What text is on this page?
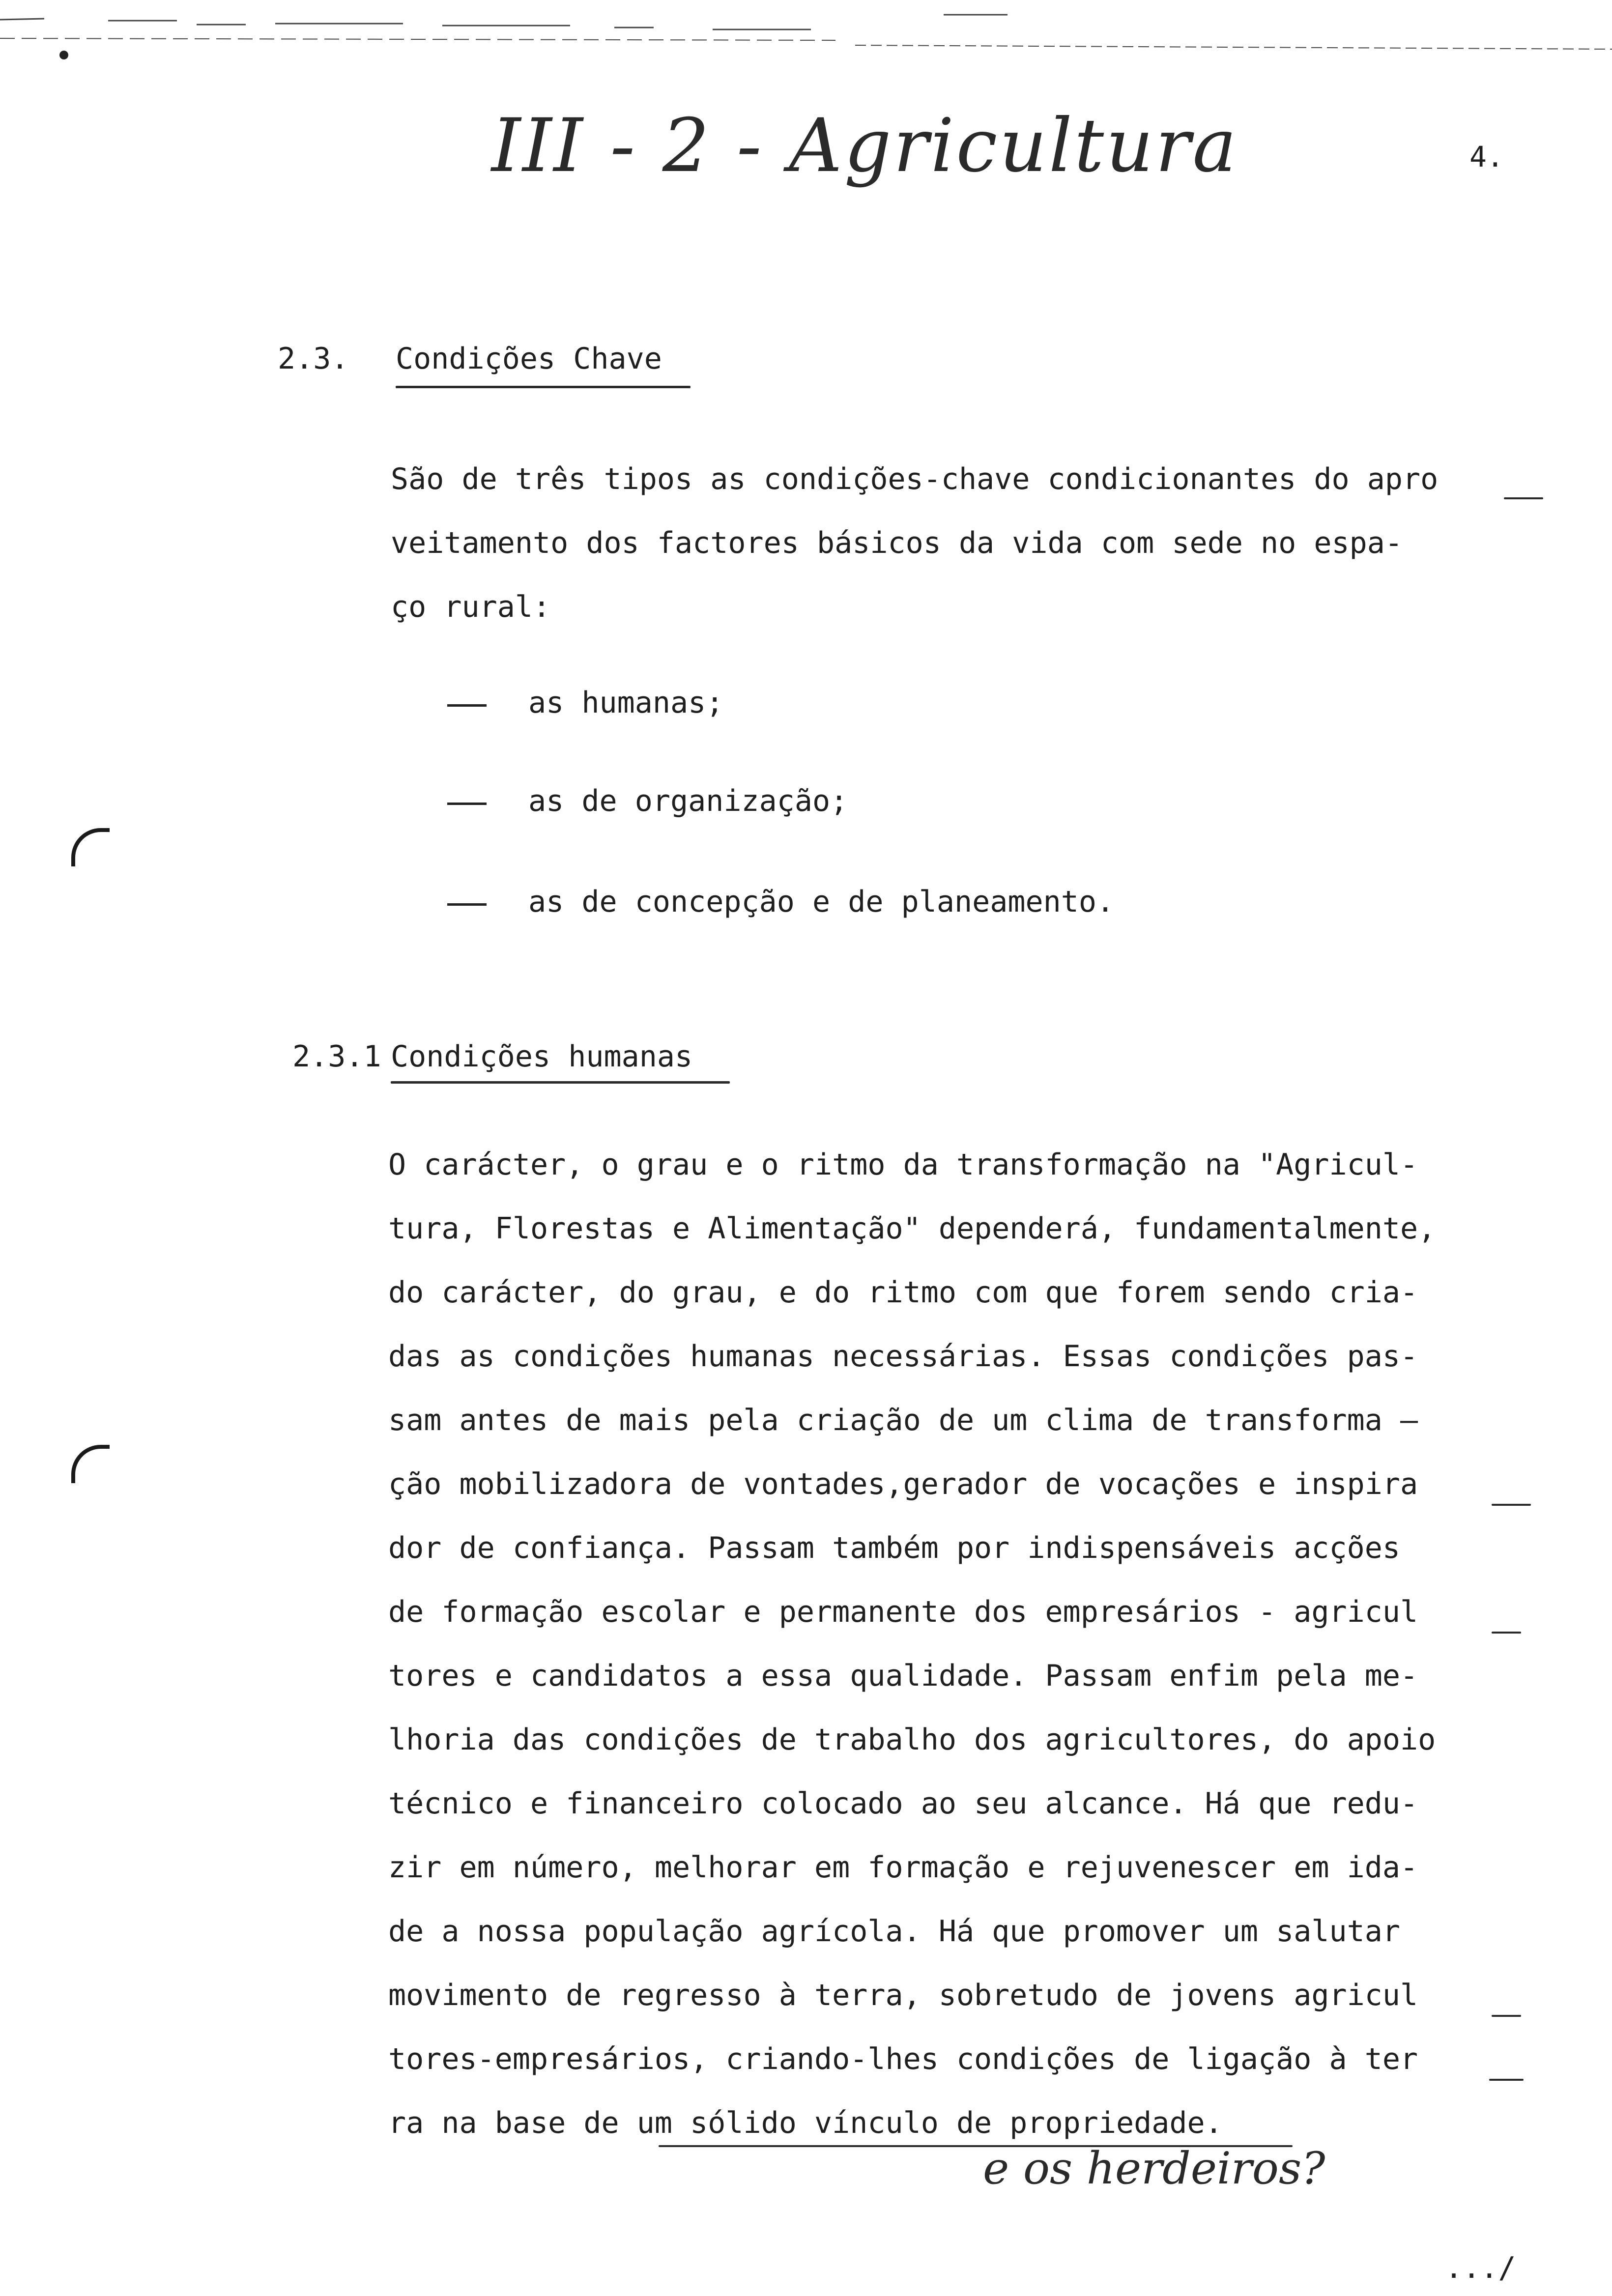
III - 2 - Agricultura	4.
2.3. Condições Chave
São de três tipos as condições-chave condicionantes do apro
veitamento dos factores básicos da vida com sede no espa-
ço rural:
as humanas;
as de organização;
as de concepção e de planeamento.
2.3.1 Condições humanas
O carácter, o grau e o ritmo da transformação na "Agricul-
tura, Florestas e Alimentação" dependerá, fundamentalmente,
do carácter, do grau, e do ritmo com que forem sendo cria-
das as condições humanas necessárias. Essas condições pas-
sam antes de mais pela criação de um clima de transforma –
ção mobilizadora de vontades,gerador de vocações e inspira
dor de confiança. Passam também por indispensáveis acções
de formação escolar e permanente dos empresários - agricul
tores e candidatos a essa qualidade. Passam enfim pela me-
lhoria das condições de trabalho dos agricultores, do apoio
técnico e financeiro colocado ao seu alcance. Há que redu-
zir em número, melhorar em formação e rejuvenescer em ida-
de a nossa população agrícola. Há que promover um salutar
movimento de regresso à terra, sobretudo de jovens agricul
tores-empresários, criando-lhes condições de ligação à ter
ra na base de um sólido vínculo de propriedade.
e os herdeiros?
.../
